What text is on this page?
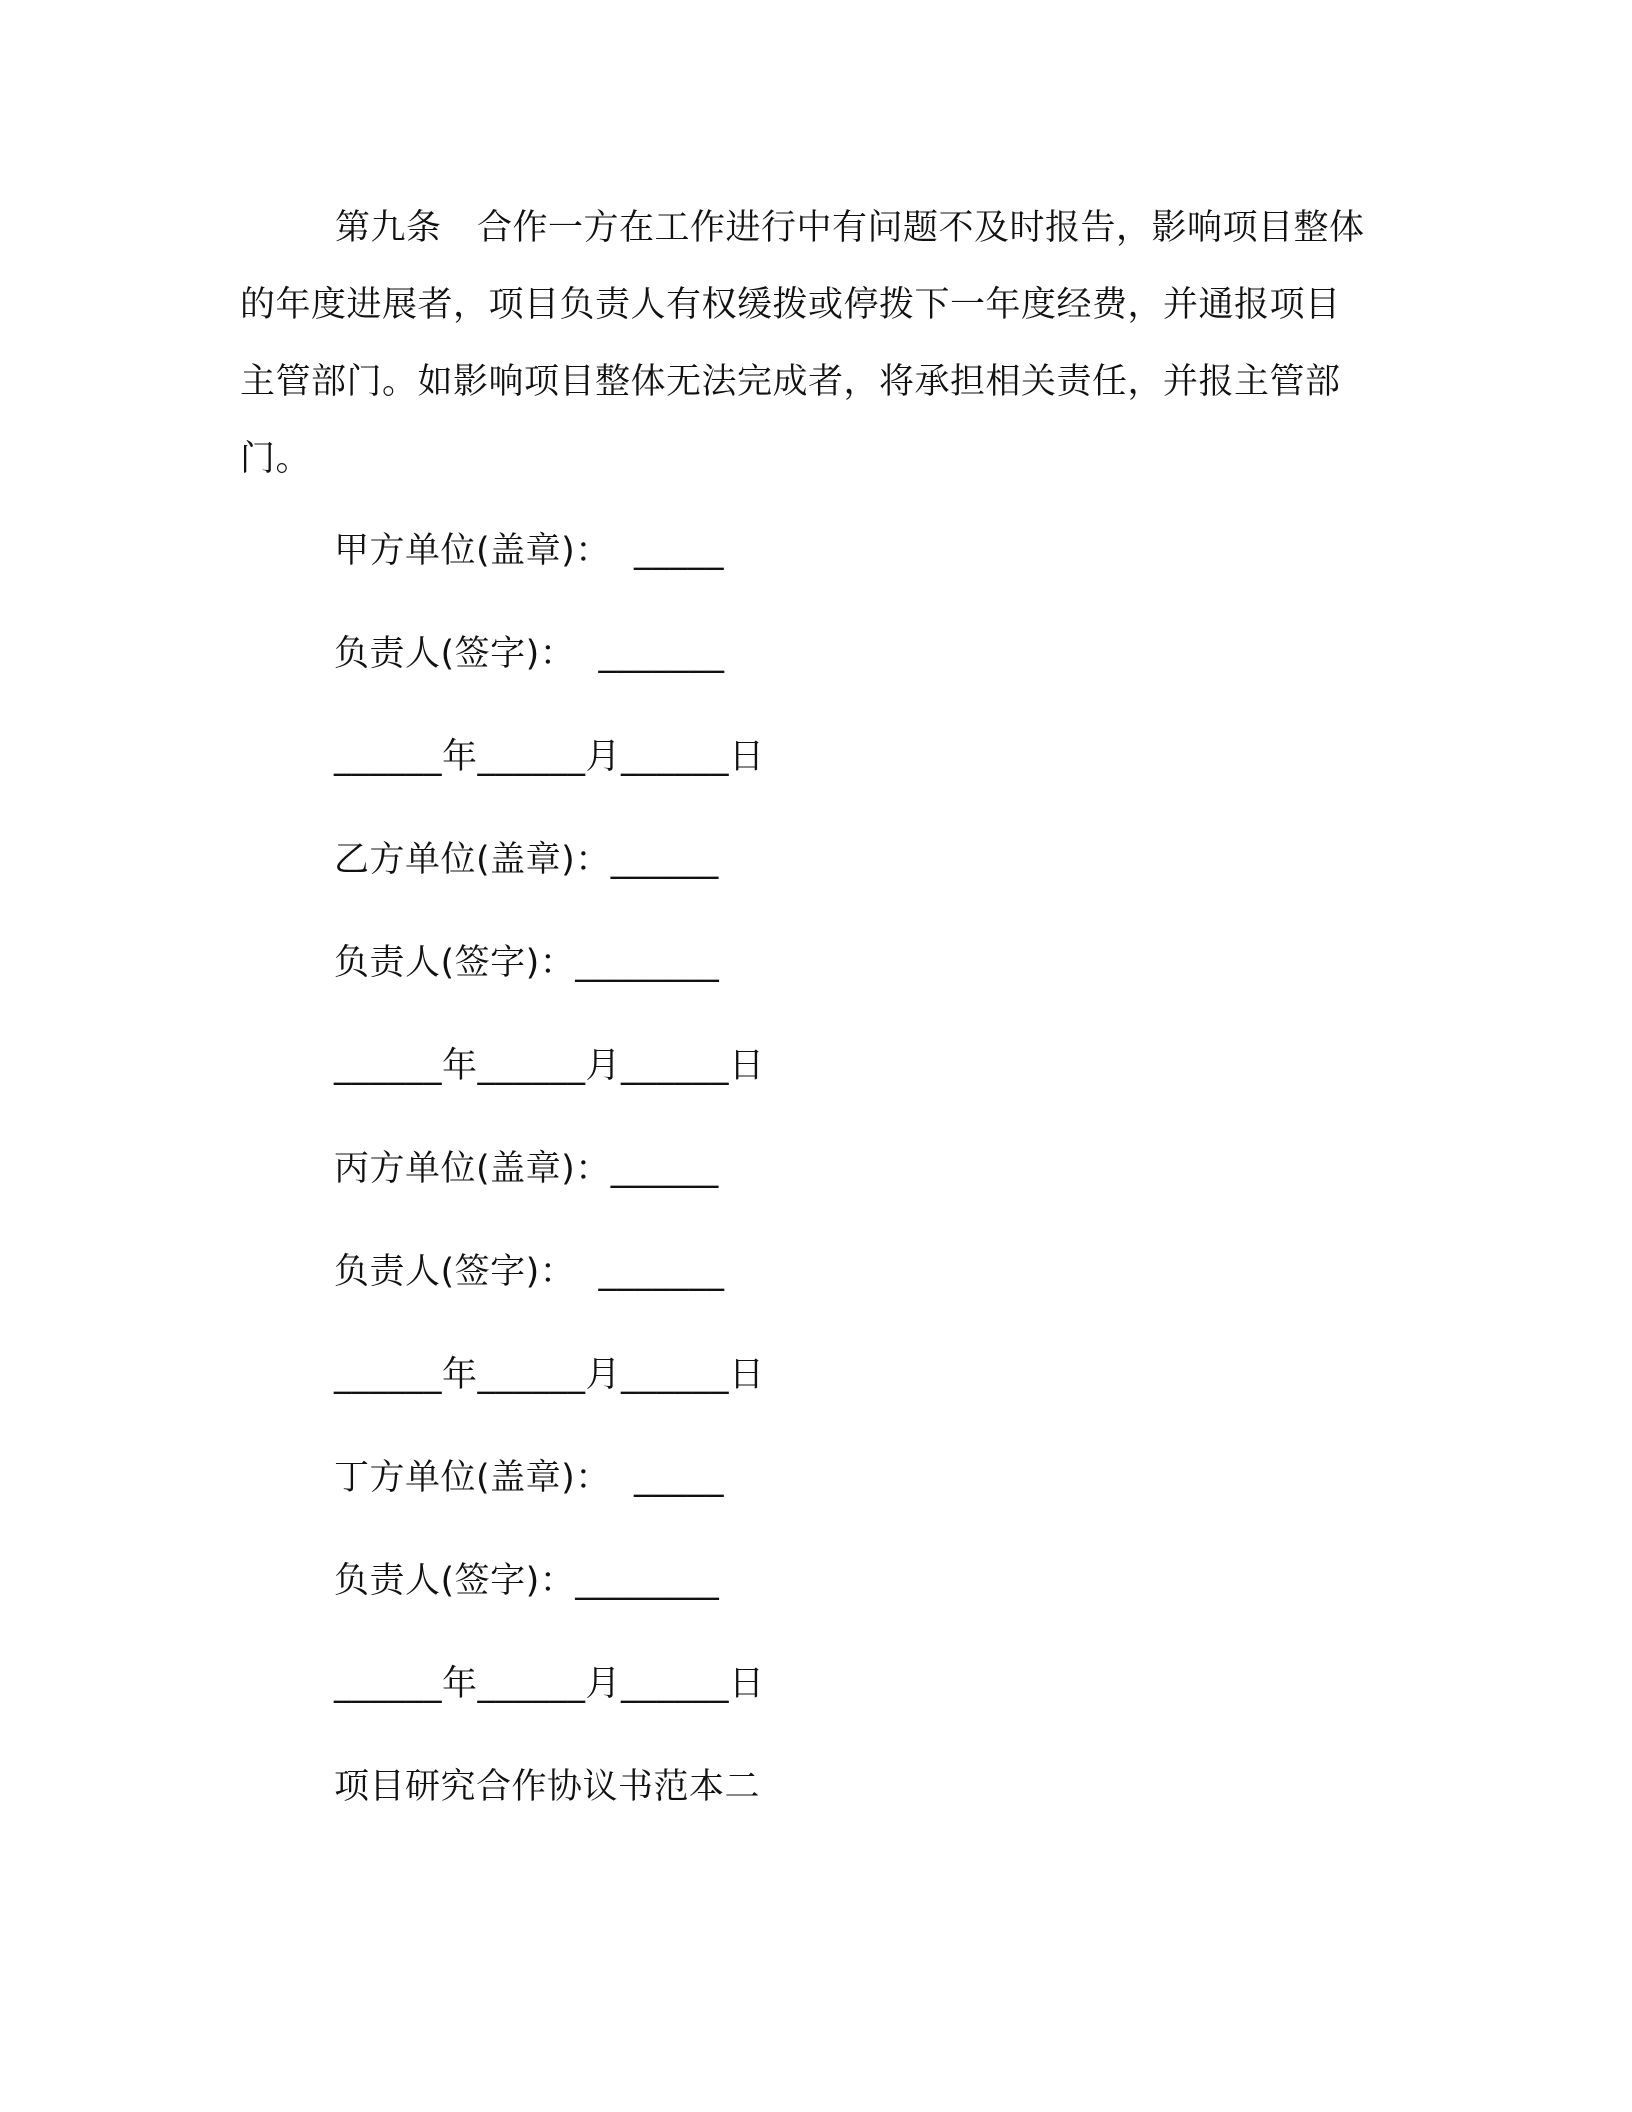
第九条　合作一方在工作进行中有问题不及时报告，影响项目整体的年度进展者，项目负责人有权缓拨或停拨下一年度经费，并通报项目主管部门。如影响项目整体无法完成者，将承担相关责任，并报主管部门。

甲方单位(盖章)：  _____

负责人(签字)：  _______

______年______月______日

乙方单位(盖章)：______

负责人(签字)：________

______年______月______日

丙方单位(盖章)：______

负责人(签字)：  _______

______年______月______日

丁方单位(盖章)：  _____

负责人(签字)：________

______年______月______日

项目研究合作协议书范本二
